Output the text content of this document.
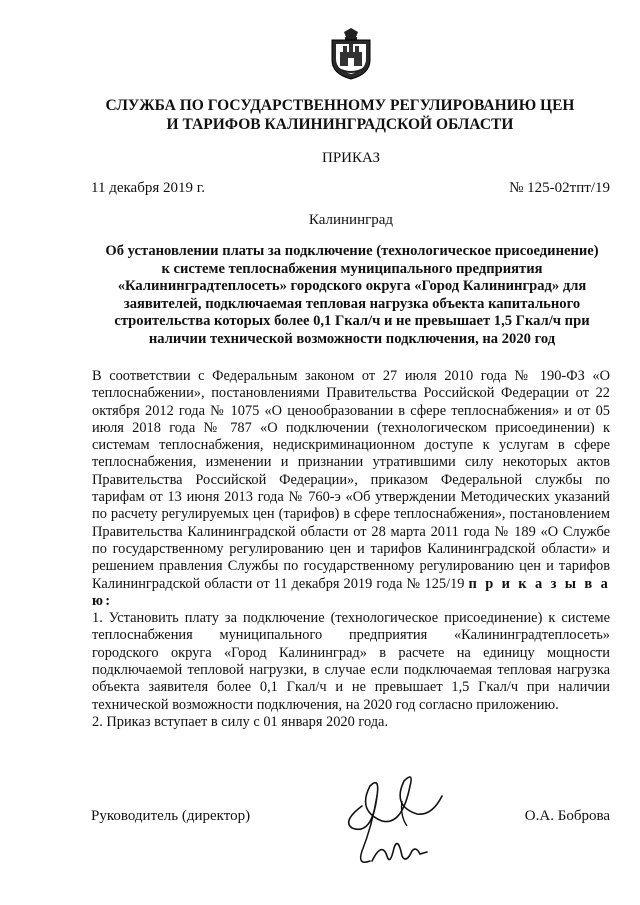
СЛУЖБА ПО ГОСУДАРСТВЕННОМУ РЕГУЛИРОВАНИЮ ЦЕН
И ТАРИФОВ КАЛИНИНГРАДСКОЙ ОБЛАСТИ
ПРИКАЗ
11 декабря 2019 г.	№ 125-02тпт/19
Калининград
Об установлении платы за подключение (технологическое присоединение)
к системе теплоснабжения муниципального предприятия
«Калининградтеплосеть» городского округа «Город Калининград» для
заявителей, подключаемая тепловая нагрузка объекта капитального
строительства которых более 0,1 Гкал/ч и не превышает 1,5 Гкал/ч при
наличии технической возможности подключения, на 2020 год

В соответствии с Федеральным законом от 27 июля 2010 года № 190-ФЗ «О теплоснабжении», постановлениями Правительства Российской Федерации от 22 октября 2012 года № 1075 «О ценообразовании в сфере теплоснабжения» и от 05 июля 2018 года № 787 «О подключении (технологическом присоединении) к системам теплоснабжения, недискриминационном доступе к услугам в сфере теплоснабжения, изменении и признании утратившими силу некоторых актов Правительства Российской Федерации», приказом Федеральной службы по тарифам от 13 июня 2013 года № 760-э «Об утверждении Методических указаний по расчету регулируемых цен (тарифов) в сфере теплоснабжения», постановлением Правительства Калининградской области от 28 марта 2011 года № 189 «О Службе по государственному регулированию цен и тарифов Калининградской области» и решением правления Службы по государственному регулированию цен и тарифов Калининградской области от 11 декабря 2019 года № 125/19 п р и к а з ы в а ю:

1. Установить плату за подключение (технологическое присоединение) к системе теплоснабжения муниципального предприятия «Калининградтеплосеть» городского округа «Город Калининград» в расчете на единицу мощности подключаемой тепловой нагрузки, в случае если подключаемая тепловая нагрузка объекта заявителя более 0,1 Гкал/ч и не превышает 1,5 Гкал/ч при наличии технической возможности подключения, на 2020 год согласно приложению.

2. Приказ вступает в силу с 01 января 2020 года.

Руководитель (директор)	О.А. Боброва
